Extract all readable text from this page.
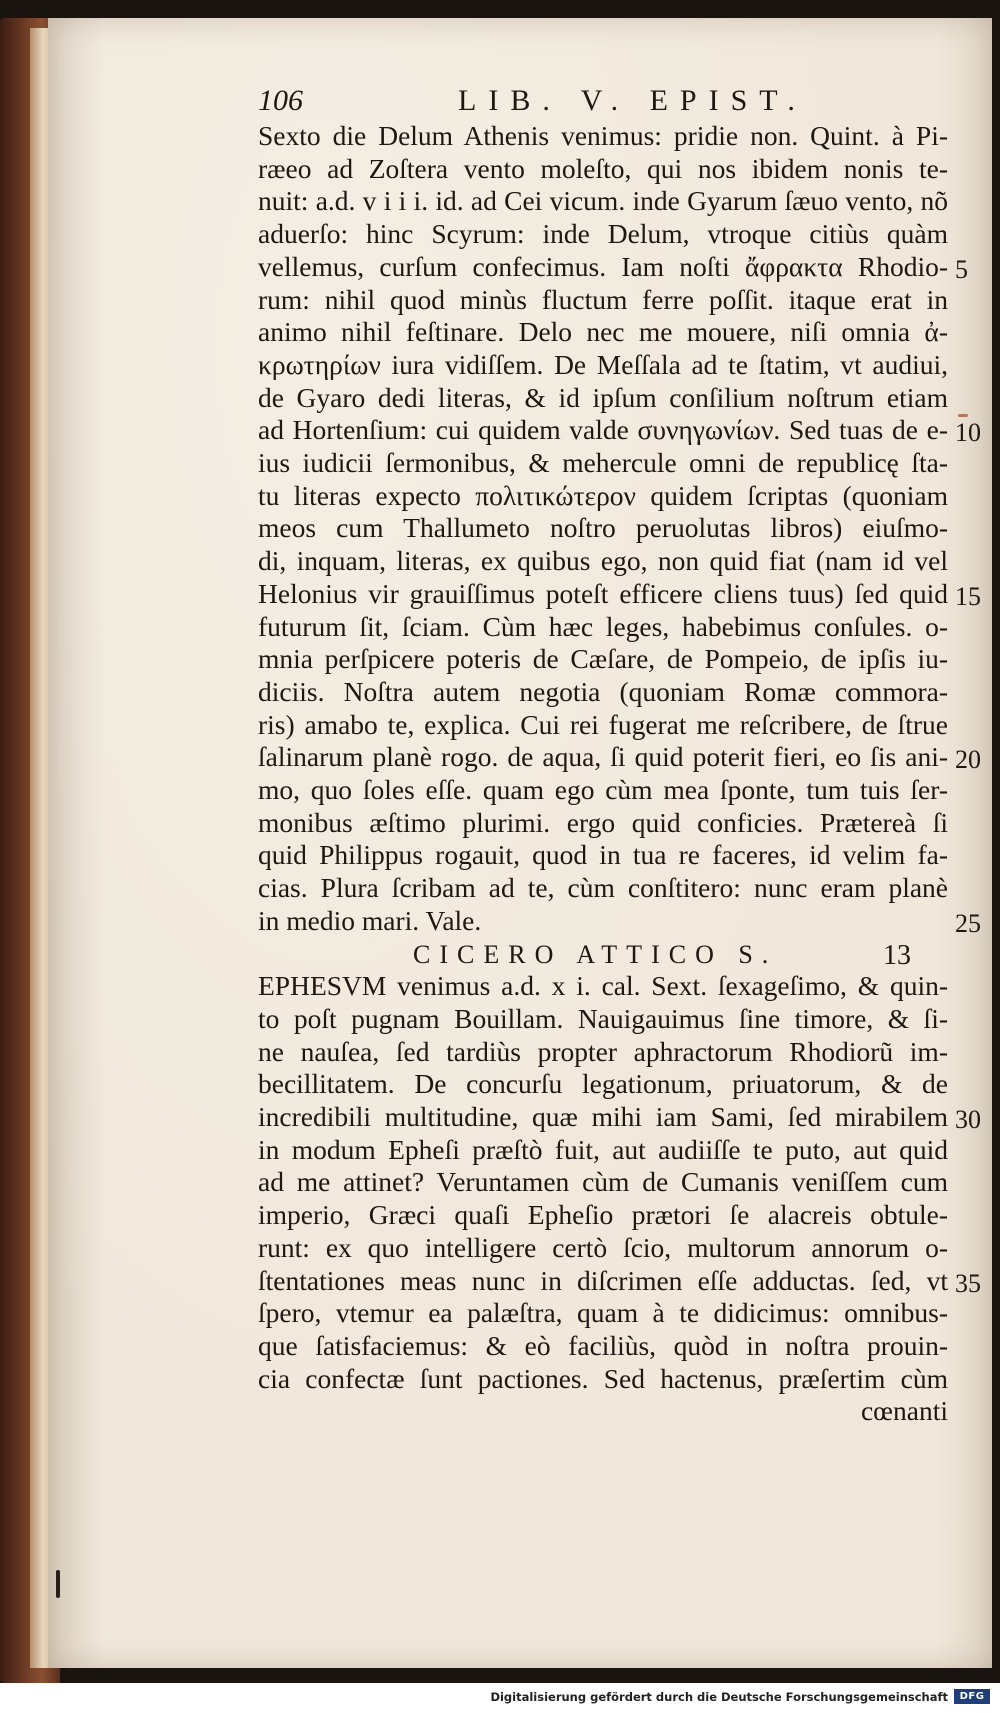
106	LIB. V. EPIST.
Sexto die Delum Athenis venimus: pridie non. Quint. à Pi-
ræeo ad Zoſtera vento moleſto, qui nos ibidem nonis te-
nuit: a.d. v i i i. id. ad Cei vicum. inde Gyarum ſæuo vento, nõ
aduerſo: hinc Scyrum: inde Delum, vtroque citiùs quàm
vellemus, curſum confecimus. Iam noſti ἄφρακτα Rhodio-
rum: nihil quod minùs fluctum ferre poſſit. itaque erat in
animo nihil feſtinare. Delo nec me mouere, niſi omnia ἀ-
κρωτηρίων iura vidiſſem. De Meſſala ad te ſtatim, vt audiui,
de Gyaro dedi literas, & id ipſum conſilium noſtrum etiam
ad Hortenſium: cui quidem valde συνηγωνίων. Sed tuas de e-
ius iudicii ſermonibus, & mehercule omni de republicę ſta-
tu literas expecto πολιτικώτερον quidem ſcriptas (quoniam
meos cum Thallumeto noſtro peruolutas libros) eiuſmo-
di, inquam, literas, ex quibus ego, non quid fiat (nam id vel
Helonius vir grauiſſimus poteſt efficere cliens tuus) ſed quid
futurum ſit, ſciam. Cùm hæc leges, habebimus conſules. o-
mnia perſpicere poteris de Cæſare, de Pompeio, de ipſis iu-
diciis. Noſtra autem negotia (quoniam Romæ commora-
ris) amabo te, explica. Cui rei fugerat me reſcribere, de ſtrue
ſalinarum planè rogo. de aqua, ſi quid poterit fieri, eo ſis ani-
mo, quo ſoles eſſe. quam ego cùm mea ſponte, tum tuis ſer-
monibus æſtimo plurimi. ergo quid conficies. Prætereà ſi
quid Philippus rogauit, quod in tua re faceres, id velim fa-
cias. Plura ſcribam ad te, cùm conſtitero: nunc eram planè
in medio mari. Vale.
CICERO ATTICO S.	13
EPHESVM venimus a.d. x i. cal. Sext. ſexageſimo, & quin-
to poſt pugnam Bouillam. Nauigauimus ſine timore, & ſi-
ne nauſea, ſed tardiùs propter aphractorum Rhodiorũ im-
becillitatem. De concurſu legationum, priuatorum, & de
incredibili multitudine, quæ mihi iam Sami, ſed mirabilem
in modum Epheſi præſtò fuit, aut audiiſſe te puto, aut quid
ad me attinet? Veruntamen cùm de Cumanis veniſſem cum
imperio, Græci quaſi Epheſio prætori ſe alacreis obtule-
runt: ex quo intelligere certò ſcio, multorum annorum o-
ſtentationes meas nunc in diſcrimen eſſe adductas. ſed, vt
ſpero, vtemur ea palæſtra, quam à te didicimus: omnibus-
que ſatisfaciemus: & eò faciliùs, quòd in noſtra prouin-
cia confectæ ſunt pactiones. Sed hactenus, præſertim cùm
cœnanti
5
10
15
20
25
30
35
Digitalisierung gefördert durch die Deutsche Forschungsgemeinschaft	DFG
